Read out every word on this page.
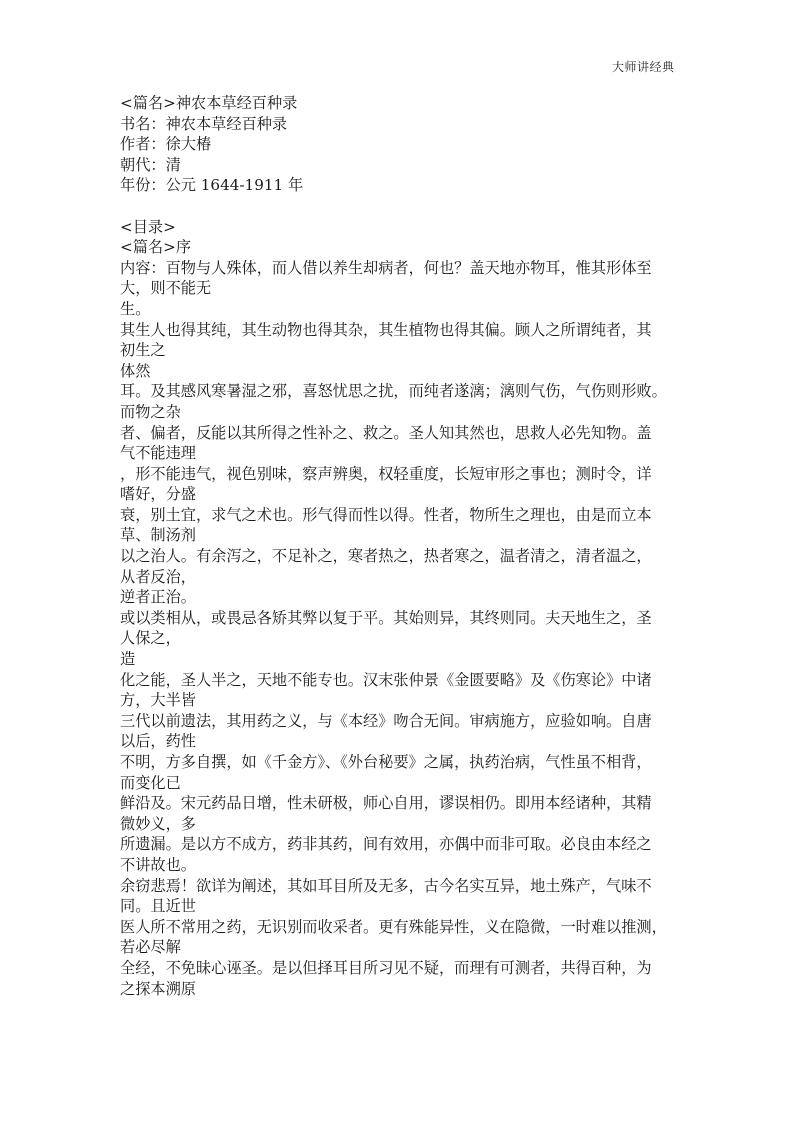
大师讲经典
<篇名>神农本草经百种录
书名：神农本草经百种录
作者：徐大椿
朝代：清
年份：公元 1644-1911 年
<目录>
<篇名>序
内容：百物与人殊体，而人借以养生却病者，何也？盖天地亦物耳，惟其形体至
大，则不能无
生。
其生人也得其纯，其生动物也得其杂，其生植物也得其偏。顾人之所谓纯者，其
初生之
体然
耳。及其感风寒暑湿之邪，喜怒忧思之扰，而纯者遂漓；漓则气伤，气伤则形败。
而物之杂
者、偏者，反能以其所得之性补之、救之。圣人知其然也，思救人必先知物。盖
气不能违理
，形不能违气，视色别味，察声辨奥，权轻重度，长短审形之事也；测时令，详
嗜好，分盛
衰，别土宜，求气之术也。形气得而性以得。性者，物所生之理也，由是而立本
草、制汤剂
以之治人。有余泻之，不足补之，寒者热之，热者寒之，温者清之，清者温之，
从者反治，
逆者正治。
或以类相从，或畏忌各矫其弊以复于平。其始则异，其终则同。夫天地生之，圣
人保之，
造
化之能，圣人半之，天地不能专也。汉末张仲景《金匮要略》及《伤寒论》中诸
方，大半皆
三代以前遗法，其用药之义，与《本经》吻合无间。审病施方，应验如响。自唐
以后，药性
不明，方多自撰，如《千金方》、《外台秘要》之属，执药治病，气性虽不相背，
而变化已
鲜沿及。宋元药品日增，性未研极，师心自用，谬误相仍。即用本经诸种，其精
微妙义，多
所遗漏。是以方不成方，药非其药，间有效用，亦偶中而非可取。必良由本经之
不讲故也。
余窃悲焉！欲详为阐述，其如耳目所及无多，古今名实互异，地土殊产，气味不
同。且近世
医人所不常用之药，无识别而收采者。更有殊能异性，义在隐微，一时难以推测，
若必尽解
全经，不免昧心诬圣。是以但择耳目所习见不疑，而理有可测者，共得百种，为
之探本溯原
